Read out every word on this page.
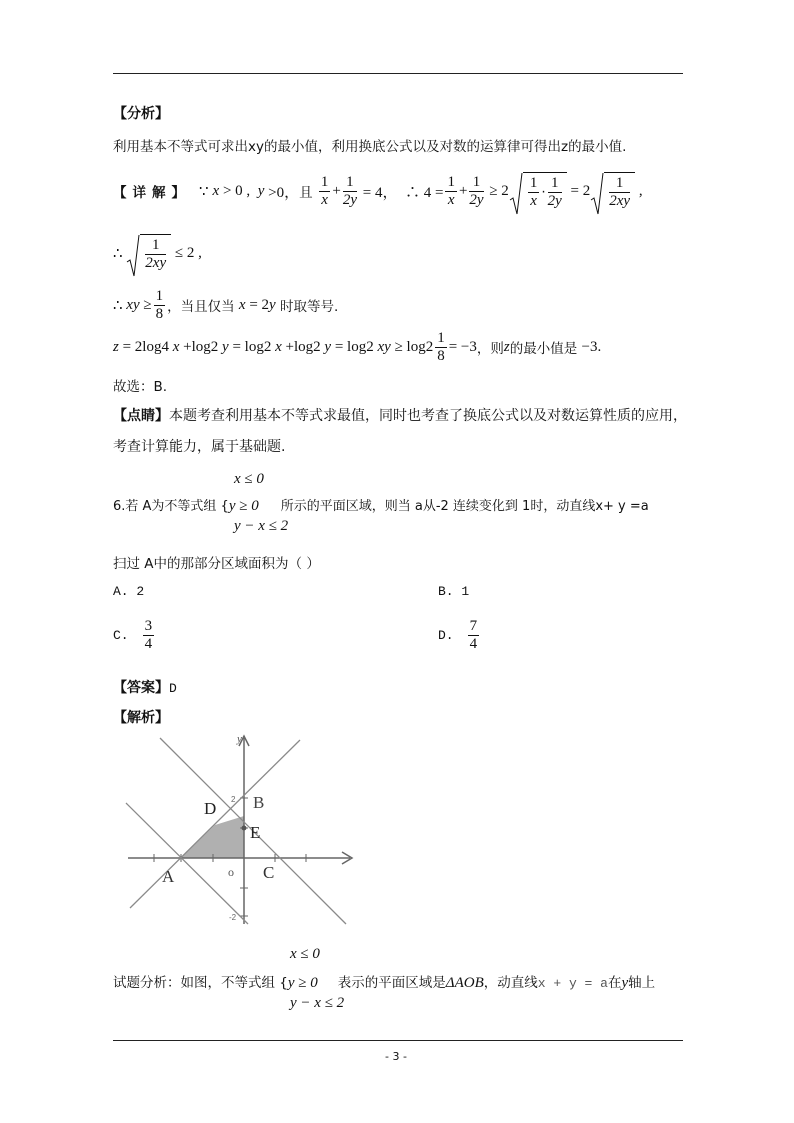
【分析】
利用基本不等式可求出xy的最小值，利用换底公式以及对数的运算律可得出z的最小值.
【详解】 ∵ x > 0 , y >0， 且 $\frac{1}{x} + \frac{1}{2y} = 4$，  ∴ $4 = \frac{1}{x} + \frac{1}{2y} \ge 2 \frac{1}{x} \cdot \frac{1}{2y} = 2 \frac{1}{2xy}$ ,
∴ $\frac{1}{2xy} \le 2$ ,
∴ xy ≥ $\frac{1}{8}$ ，当且仅当 x = 2 y 时取等号.
z = 2log 4 x +log 2 y = log 2 x +log 2 y = log 2 xy ≥ $\log 2 \frac{1}{8} = -3$ ，则 z 的最小值是 −3.
故选：B.
【点睛】本题考查利用基本不等式求最值，同时也考查了换底公式以及对数运算性质的应用，
考查计算能力，属于基础题.
x ≤ 0
6.若 A为不等式组 {y ≥ 0 所示的平面区域，则当 a从-2 连续变化到 1时，动直线x+ y =a
y − x ≤ 2
扫过 A中的那部分区域面积为（ ）
A. 2	B. 1
C. $\frac{3}{4}$	D. $\frac{7}{4}$
【答案】D
【解析】
y
D B
E
A	o C
2
-2
x ≤ 0
试题分析：如图，不等式组 {y ≥ 0 表示的平面区域是ΔAOB，动直线x + y = a在y轴上
y − x ≤ 2
- 3 -
